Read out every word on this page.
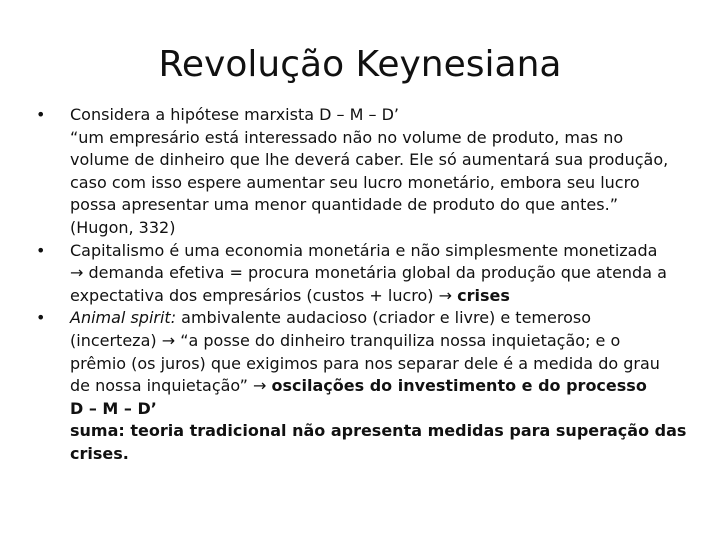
Revolução Keynesiana
•	Considera a hipótese marxista D – M – D’
“um empresário está interessado não no volume de produto, mas no
volume de dinheiro que lhe deverá caber. Ele só aumentará sua produção,
caso com isso espere aumentar seu lucro monetário, embora seu lucro
possa apresentar uma menor quantidade de produto do que antes.”
(Hugon, 332)
•	Capitalismo é uma economia monetária e não simplesmente monetizada
→ demanda efetiva = procura monetária global da produção que atenda a
expectativa dos empresários (custos + lucro) → crises
•	Animal spirit: ambivalente audacioso (criador e livre) e temeroso
(incerteza) → “a posse do dinheiro tranquiliza nossa inquietação; e o
prêmio (os juros) que exigimos para nos separar dele é a medida do grau
de nossa inquietação” → oscilações do investimento e do processo
D – M – D’
suma: teoria tradicional não apresenta medidas para superação das
crises.
